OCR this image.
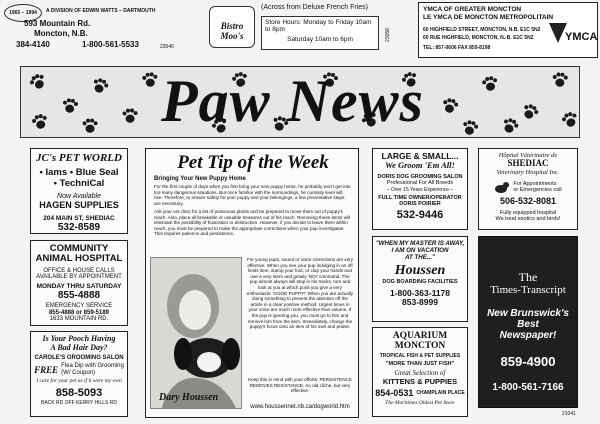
1965 – 1994	A DIVISION OF EDWIN WATTS – DARTMOUTH
593 Mountain Rd.
Moncton, N.B.
384-4140	1-800-561-5533	23046
Bistro Moo's
(Across from Deluxe French Fries)
Store Hours: Monday to Friday 10am to 8pm
Saturday 10am to 6pm	23058
YMCA OF GREATER MONCTON
LE YMCA DE MONCTON METROPOLITAIN
60 HIGHFIELD STREET, MONCTON, N.B. E1C 5N2
60 RUE HIGHFIELD, MONCTON, N.-B. E1C 5N2
TEL: 857-0606 FAX 859-8198
YMCA
Paw News
JC's PET WORLD
• Iams • Blue Seal
• TechniCal
Now Available
HAGEN SUPPLIES
204 MAIN ST, SHEDIAC
532-8589
COMMUNITY
ANIMAL HOSPITAL
OFFICE & HOUSE CALLS
AVAILABLE BY APPOINTMENT
MONDAY THRU SATURDAY
855-4888
EMERGENCY SERVICE
855-4888 or 859-5189
1633 MOUNTAIN RD.
Is Your Pooch Having
A Bad Hair Day?
CAROLE'S GROOMING SALON
FREE Flea Dip with Grooming
(W/ Coupon)
I care for your pet as if it were my own
858-5093
BACK RD OFF KERRY HILLS RD
Pet Tip of the Week
Bringing Your New Puppy Home
For the first couple of days when you first bring your new puppy home, he probably won't get into too many dangerous situations. But once familiar with the surroundings, he curiosity level will rise. Therefore, to ensure safety for your puppy and your belongings, a few preventative steps are necessary.
Ask your vet clinic for a list of poisonous plants and be prepared to move them out of puppy's reach. Also, place all breakable or valuable treasures out of his reach. Removing these items will eliminate the possibility of frustration or destruction. However, if you decide to leave them within reach, you must be prepared to make the appropriate corrections when your pup investigates. This requires patience and persistence.
Dary Houssen
For young pups, sound or voice corrections are very effective. When you see your pup indulging in an off limits item, stamp your foot, or clap your hands and use a very stern and growly 'NO!' command. The pup almost always will stop in his tracks, turn and look at you at which point you give a very enthusiastic 'GOOD PUPPY!' When you are actually doing something to prevent the attention off the article in a clear positive method. Urgent times in your voice are much more effective than volume. If the pup is ignoring you, you must go to him and remove him from the item. Immediately, change the puppy's focus onto an item of his own and praise.
Keep this in mind with your efforts: PERSISTENCE REMOVES RESISTANCE. An old cliche, but very effective.
www.houssennet.nb.ca/dogworld.htm
LARGE & SMALL...
We Groom 'Em All!
DORIS DOG GROOMING SALON
Professional For All Breeds
– Over 15 Years Experience –
FULL TIME OWNER/OPERATOR
DORIS POIRIER
532-9446
"WHEN MY MASTER IS AWAY,
I AM ON VACATION
AT THE..."
Houssen
DOG BOARDING FACILITIES
1-800-363-1178
853-8999
AQUARIUM
MONCTON
TROPICAL FISH & PET SUPPLIES
"MORE THAN JUST FISH"
Great Selection of
KITTENS & PUPPIES
854-0531 CHAMPLAIN PLACE
The Maritimes Oldest Pet Store
Hôpital Vétérinaire de
SHEDIAC
Veterinary Hospital Inc.
For Appointments
or Emergencies call
506-532-8081
Fully equipped hospital
We treat exotics and birds!
The
Times-Transcript
New Brunswick's
Best
Newspaper!
859-4900
1-800-561-7166
21041
